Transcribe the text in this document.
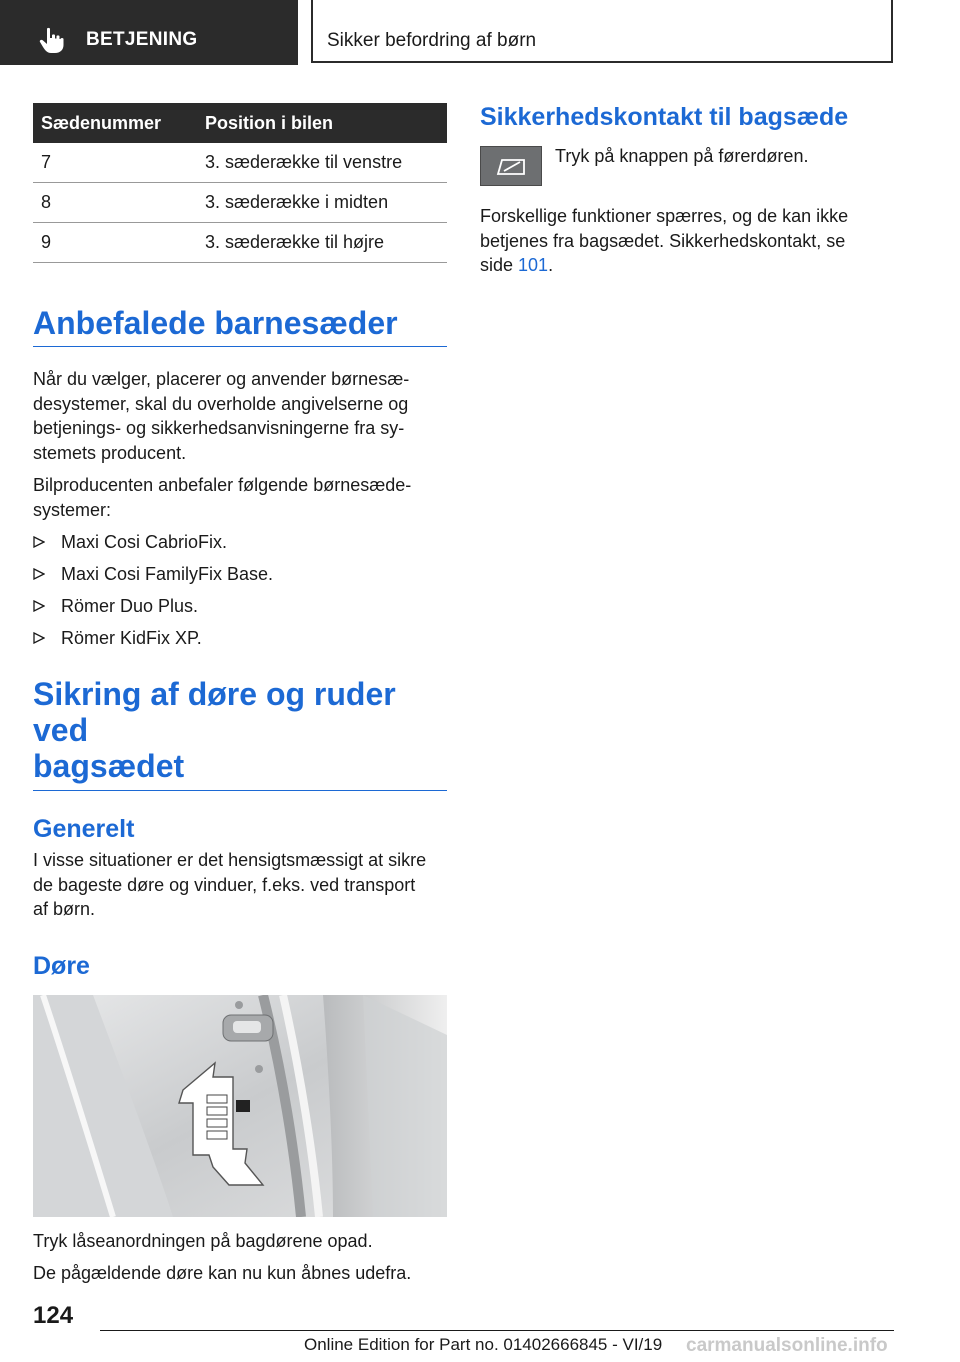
BETJENING	Sikker befordring af børn
Sædenummer	Position i bilen
7	3. sæderække til venstre
8	3. sæderække i midten
9	3. sæderække til højre
Anbefalede barnesæder

Når du vælger, placerer og anvender børnesæ-
desystemer, skal du overholde angivelserne og
betjenings- og sikkerhedsanvisningerne fra sy-
stemets producent.

Bilproducenten anbefaler følgende børnesæde-
systemer:

Maxi Cosi CabrioFix.
Maxi Cosi FamilyFix Base.
Römer Duo Plus.
Römer KidFix XP.
Sikring af døre og ruder ved
bagsædet
Generelt

I visse situationer er det hensigtsmæssigt at sikre
de bageste døre og vinduer, f.eks. ved transport
af børn.

Døre

Tryk låseanordningen på bagdørene opad.

De pågældende døre kan nu kun åbnes udefra.

Sikkerhedskontakt til bagsæde
Tryk på knappen på førerdøren.

Forskellige funktioner spærres, og de kan ikke
betjenes fra bagsædet. Sikkerhedskontakt, se
side 101.

124
Online Edition for Part no. 01402666845 - VI/19 carmanualsonline.info
